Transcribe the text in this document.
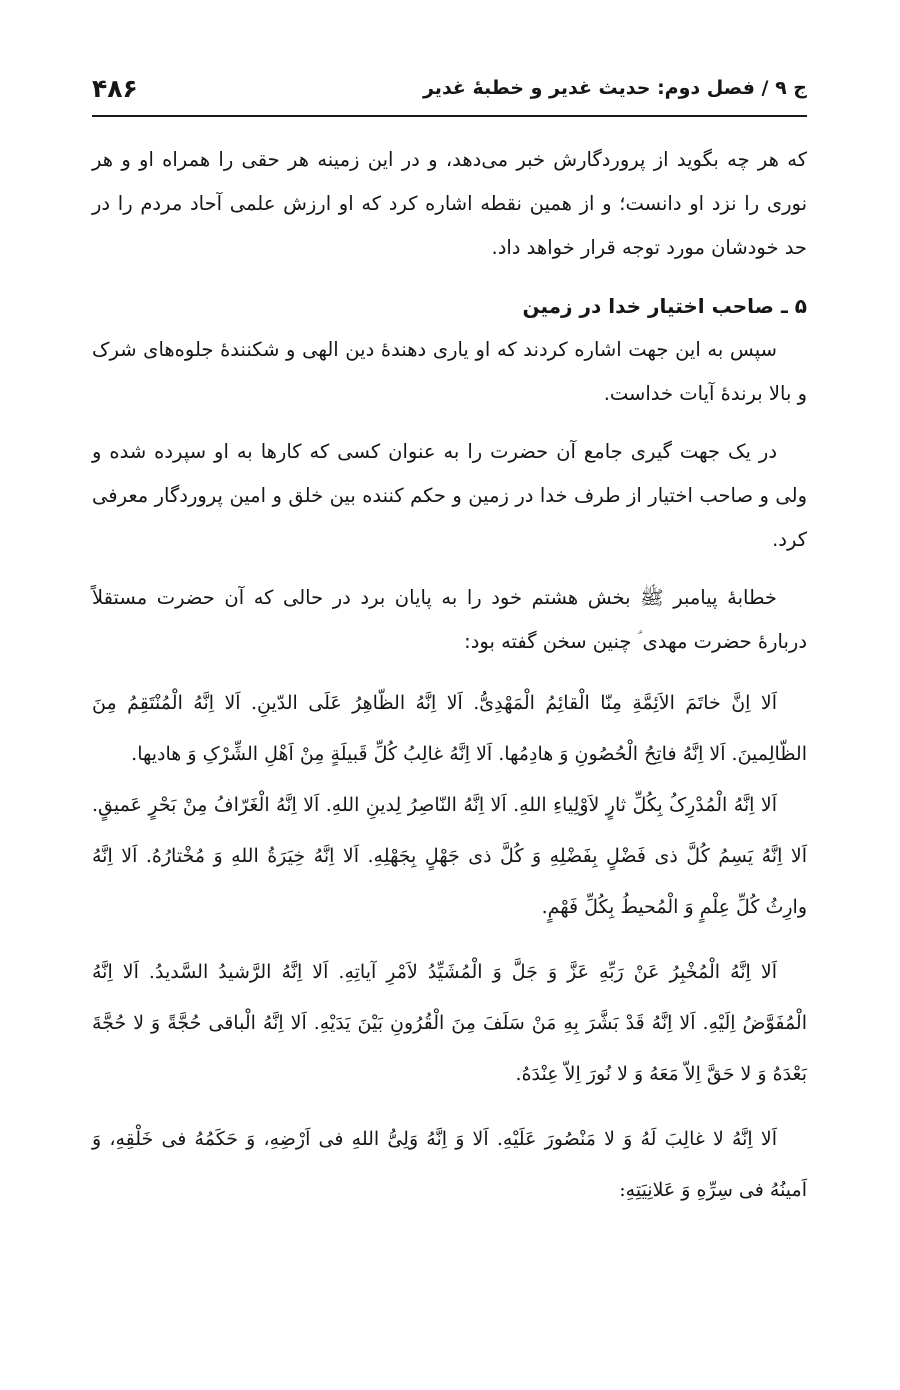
ج ۹ / فصل دوم: حدیث غدیر و خطبۀ غدیر
۴۸۶

که هر چه بگوید از پروردگارش خبر می‌دهد، و در این زمینه هر حقی را همراه او و هر نوری را نزد او دانست؛ و از همین نقطه اشاره کرد که او ارزش علمی آحاد مردم را در حد خودشان مورد توجه قرار خواهد داد.

۵ ـ صاحب اختیار خدا در زمین

سپس به این جهت اشاره کردند که او یاری دهندۀ دین الهی و شکنندۀ جلوه‌های شرک و بالا برندۀ آیات خداست.

در یک جهت گیری جامع آن حضرت را به عنوان کسی که کارها به او سپرده شده و ولی و صاحب اختیار از طرف خدا در زمین و حکم کننده بین خلق و امین پروردگار معرفی کرد.

خطابۀ پیامبر ﷺ بخش هشتم خود را به پایان برد در حالی که آن حضرت مستقلاً دربارۀ حضرت مهدی ؑ چنین سخن گفته بود:

اَلا اِنَّ خاتَمَ الاَئِمَّةِ مِنّا الْقائِمُ الْمَهْدِیُّ. اَلا اِنَّهُ الظّاهِرُ عَلَی الدّینِ. اَلا اِنَّهُ الْمُنْتَقِمُ مِنَ الظّالِمینَ. اَلا اِنَّهُ فاتِحُ الْحُصُونِ وَ هادِمُها. اَلا اِنَّهُ غالِبُ کُلِّ قَبیلَةٍ مِنْ اَهْلِ الشِّرْکِ وَ هادیها.

اَلا اِنَّهُ الْمُدْرِکُ بِکُلِّ ثارٍ لاَوْلِیاءِ اللهِ. اَلا اِنَّهُ النّاصِرُ لِدینِ اللهِ. اَلا اِنَّهُ الْغَرّافُ مِنْ بَحْرٍ عَمیقٍ. اَلا اِنَّهُ یَسِمُ کُلَّ ذی فَضْلٍ بِفَضْلِهِ وَ کُلَّ ذی جَهْلٍ بِجَهْلِهِ. اَلا اِنَّهُ خِیَرَةُ اللهِ وَ مُخْتارُهُ. اَلا اِنَّهُ وارِثُ کُلِّ عِلْمٍ وَ الْمُحیطُ بِکُلِّ فَهْمٍ.

اَلا اِنَّهُ الْمُخْبِرُ عَنْ رَبِّهِ عَزَّ وَ جَلَّ وَ الْمُشَیِّدُ لاَمْرِ آیاتِهِ. اَلا اِنَّهُ الرَّشیدُ السَّدیدُ. اَلا اِنَّهُ الْمُفَوَّضُ اِلَیْهِ. اَلا اِنَّهُ قَدْ بَشَّرَ بِهِ مَنْ سَلَفَ مِنَ الْقُرُونِ بَیْنَ یَدَیْهِ. اَلا اِنَّهُ الْباقی حُجَّةً وَ لا حُجَّةَ بَعْدَهُ وَ لا حَقَّ اِلاّ مَعَهُ وَ لا نُورَ اِلاّ عِنْدَهُ.

اَلا اِنَّهُ لا غالِبَ لَهُ وَ لا مَنْصُورَ عَلَیْهِ. اَلا وَ اِنَّهُ وَلِیُّ اللهِ فی اَرْضِهِ، وَ حَکَمُهُ فی خَلْقِهِ، وَ اَمینُهُ فی سِرِّهِ وَ عَلانِیَتِهِ:
